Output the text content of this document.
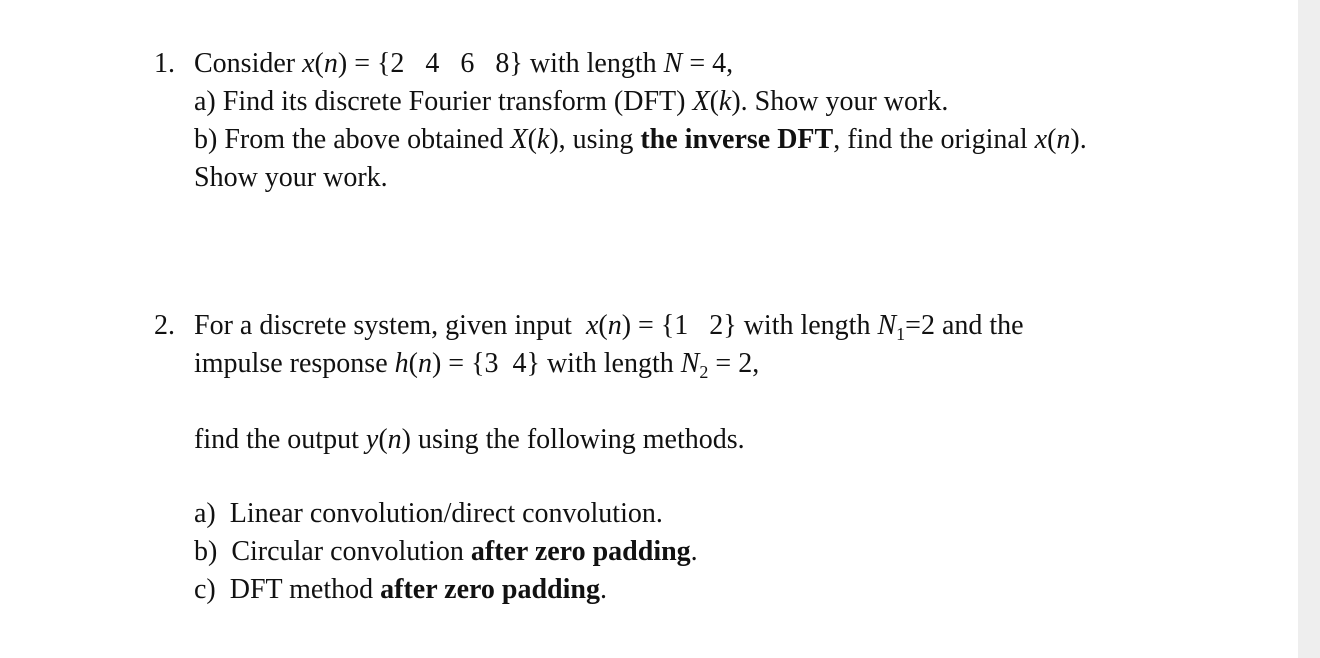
1. Consider x(n) = {2   4   6   8} with length N = 4,
a) Find its discrete Fourier transform (DFT) X(k). Show your work.
b) From the above obtained X(k), using the inverse DFT, find the original x(n).
Show your work.
2. For a discrete system, given input  x(n) = {1   2} with length $N_1=2$ and the
impulse response h(n) = {3  4} with length $N_2 = 2$,
find the output y(n) using the following methods.
a)  Linear convolution/direct convolution.
b)  Circular convolution after zero padding.
c)  DFT method after zero padding.
